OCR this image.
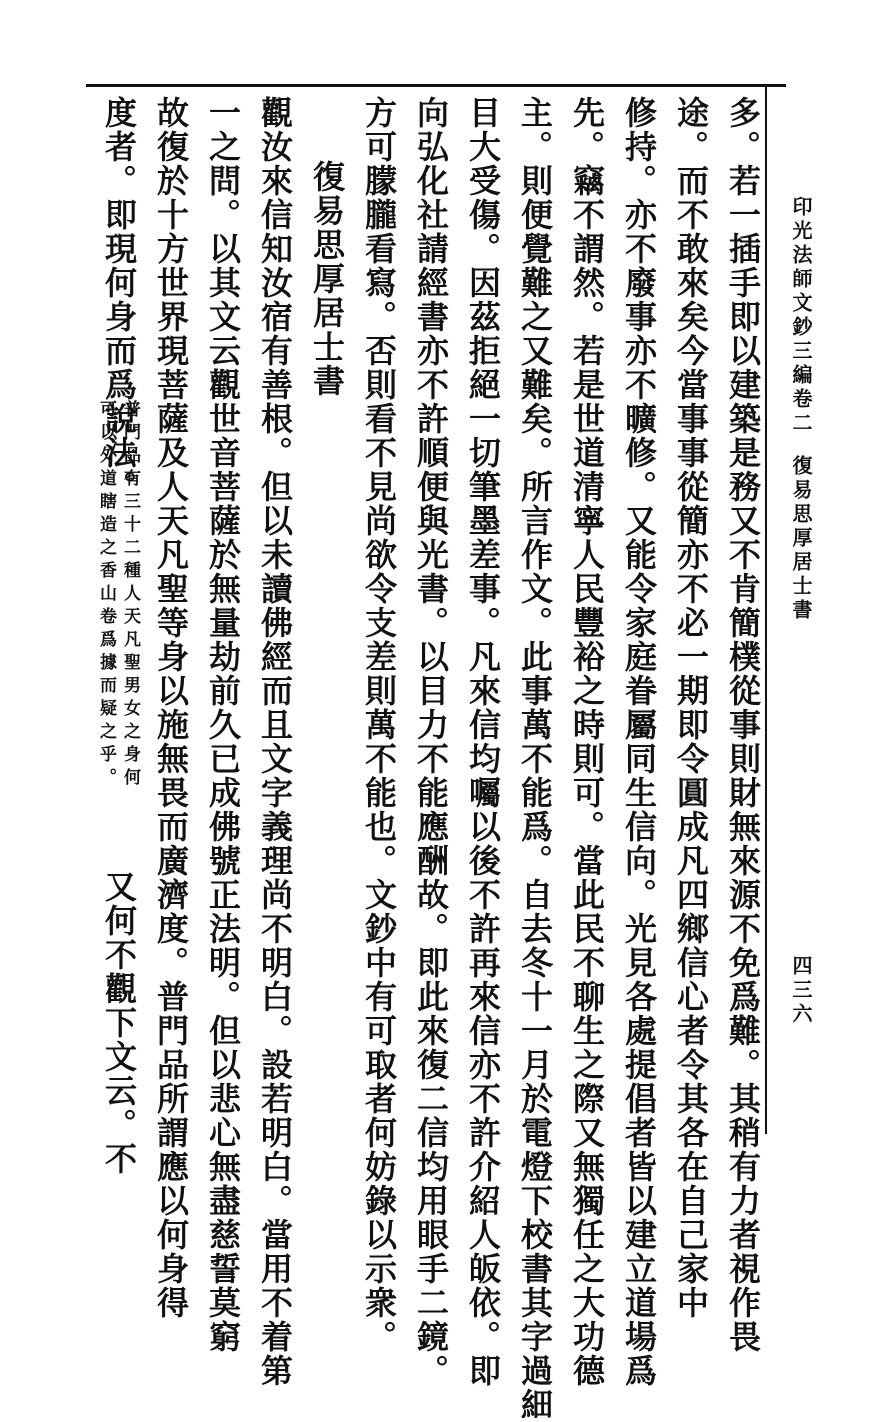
印光法師文鈔三編卷二
復易思厚居士書
四三六
多。若一插手即以建築是務又不肯簡樸從事則財無來源不免爲難。其稍有力者視作畏
途。而不敢來矣今當事事從簡亦不必一期即令圓成凡四鄉信心者令其各在自己家中
修持。亦不廢事亦不曠修。又能令家庭眷屬同生信向。光見各處提倡者皆以建立道場爲
先。竊不謂然。若是世道清寧人民豐裕之時則可。當此民不聊生之際又無獨任之大功德
主。則便覺難之又難矣。所言作文。此事萬不能爲。自去冬十一月於電燈下校書其字過細
目大受傷。因茲拒絕一切筆墨差事。凡來信均囑以後不許再來信亦不許介紹人皈依。即
向弘化社請經書亦不許順便與光書。以目力不能應酬故。即此來復二信均用眼手二鏡。
方可朦朧看寫。否則看不見尚欲令支差則萬不能也。文鈔中有可取者何妨錄以示衆。
復易思厚居士書
觀汝來信知汝宿有善根。但以未讀佛經而且文字義理尚不明白。設若明白。當用不着第
一之問。以其文云觀世音菩薩於無量劫前久已成佛號正法明。但以悲心無盡慈誓莫窮
故復於十方世界現菩薩及人天凡聖等身以施無畏而廣濟度。普門品所謂應以何身得
度者。即現何身而爲說法。
普門品有三十二種人天凡聖男女之身何
可以外道瞎造之香山卷爲據而疑之乎。
又何不觀下文云。不
